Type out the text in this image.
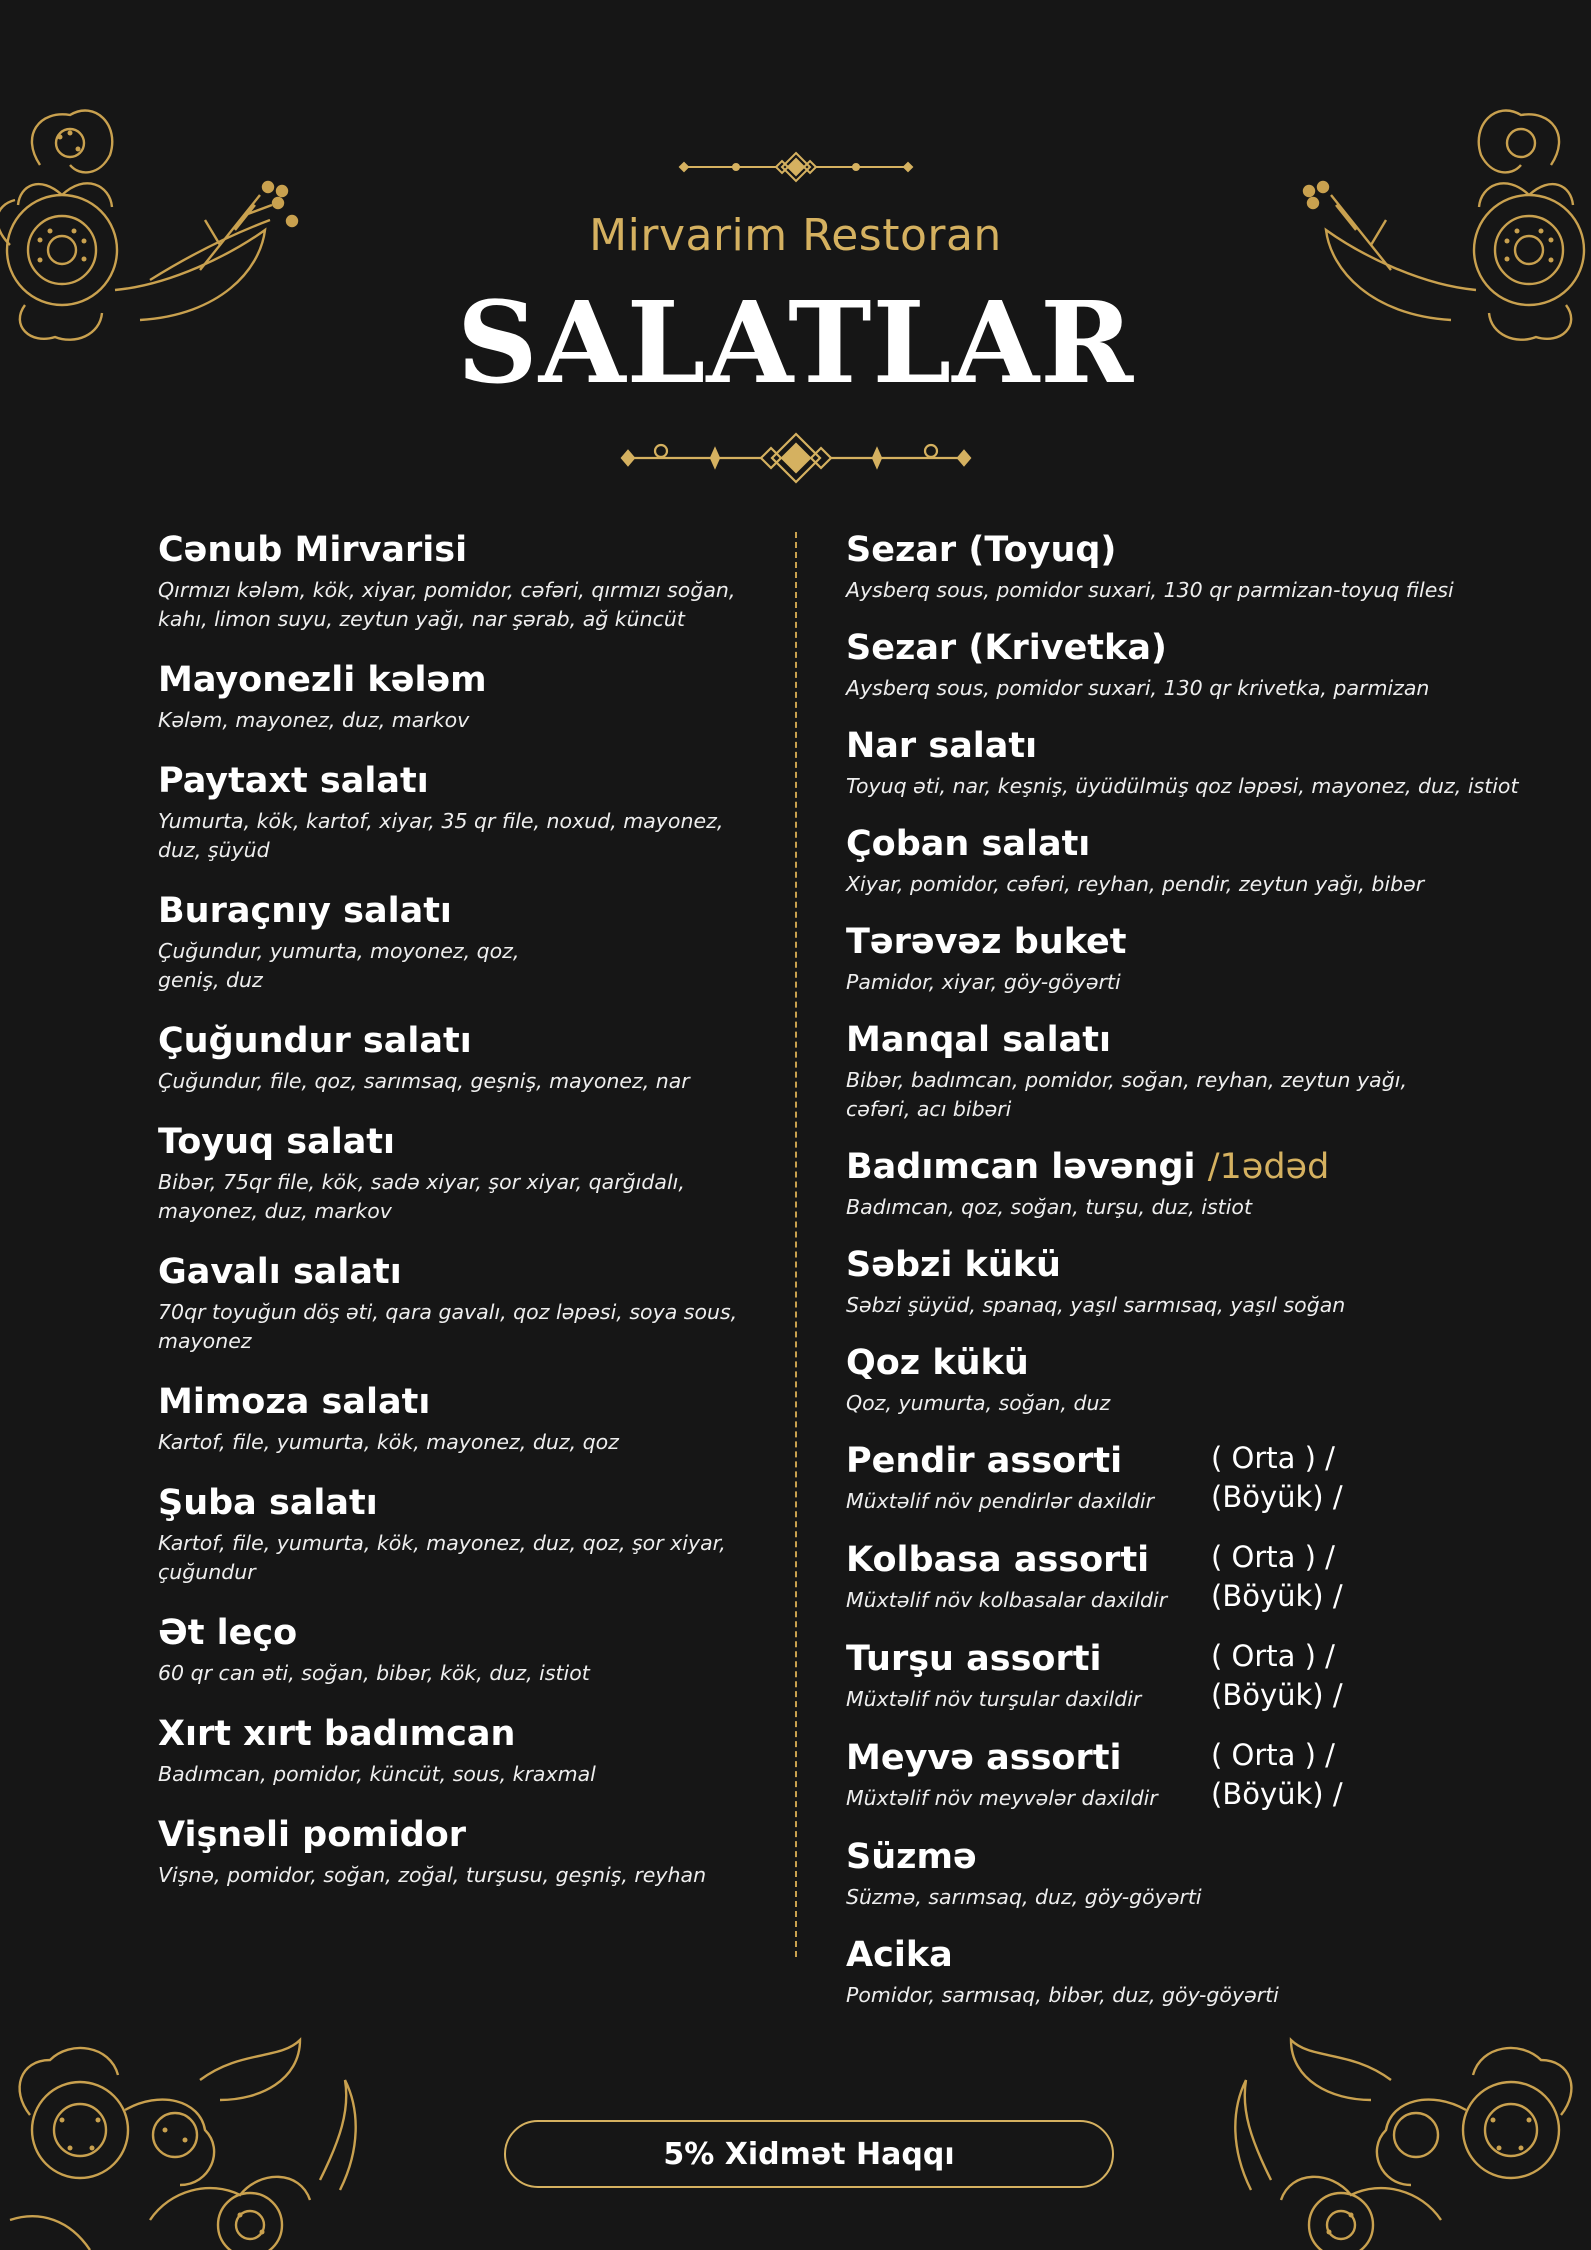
Mirvarim Restoran
SALATLAR
Cənub Mirvarisi
Qırmızı kələm, kök, xiyar, pomidor, cəfəri, qırmızı soğan, kahı, limon suyu, zeytun yağı, nar şərab, ağ küncüt
Mayonezli kələm
Kələm, mayonez, duz, markov
Paytaxt salatı
Yumurta, kök, kartof, xiyar, 35 qr file, noxud, mayonez, duz, şüyüd
Buraçnıy salatı
Çuğundur, yumurta, moyonez, qoz, geniş, duz
Çuğundur salatı
Çuğundur, file, qoz, sarımsaq, geşniş, mayonez, nar
Toyuq salatı
Bibər, 75qr file, kök, sadə xiyar, şor xiyar, qarğıdalı, mayonez, duz, markov
Gavalı salatı
70qr toyuğun döş əti, qara gavalı, qoz ləpəsi, soya sous, mayonez
Mimoza salatı
Kartof, file, yumurta, kök, mayonez, duz, qoz
Şuba salatı
Kartof, file, yumurta, kök, mayonez, duz, qoz, şor xiyar, çuğundur
Ət leço
60 qr can əti, soğan, bibər, kök, duz, istiot
Xırt xırt badımcan
Badımcan, pomidor, küncüt, sous, kraxmal
Vişnəli pomidor
Vişnə, pomidor, soğan, zoğal, turşusu, geşniş, reyhan
Sezar (Toyuq)
Aysberq sous, pomidor suxari, 130 qr parmizan-toyuq filesi
Sezar (Krivetka)
Aysberq sous, pomidor suxari, 130 qr krivetka, parmizan
Nar salatı
Toyuq əti, nar, keşniş, üyüdülmüş qoz ləpəsi, mayonez, duz, istiot
Çoban salatı
Xiyar, pomidor, cəfəri, reyhan, pendir, zeytun yağı, bibər
Tərəvəz buket
Pamidor, xiyar, göy-göyərti
Manqal salatı
Bibər, badımcan, pomidor, soğan, reyhan, zeytun yağı, cəfəri, acı bibəri
Badımcan ləvəngi /1ədəd
Badımcan, qoz, soğan, turşu, duz, istiot
Səbzi kükü
Səbzi şüyüd, spanaq, yaşıl sarmısaq, yaşıl soğan
Qoz kükü
Qoz, yumurta, soğan, duz
Pendir assorti
Müxtəlif növ pendirlər daxildir
( Orta ) /
(Böyük) /
Kolbasa assorti
Müxtəlif növ kolbasalar daxildir
( Orta ) /
(Böyük) /
Turşu assorti
Müxtəlif növ turşular daxildir
( Orta ) /
(Böyük) /
Meyvə assorti
Müxtəlif növ meyvələr daxildir
( Orta ) /
(Böyük) /
Süzmə
Süzmə, sarımsaq, duz, göy-göyərti
Acika
Pomidor, sarmısaq, bibər, duz, göy-göyərti
5% Xidmət Haqqı
